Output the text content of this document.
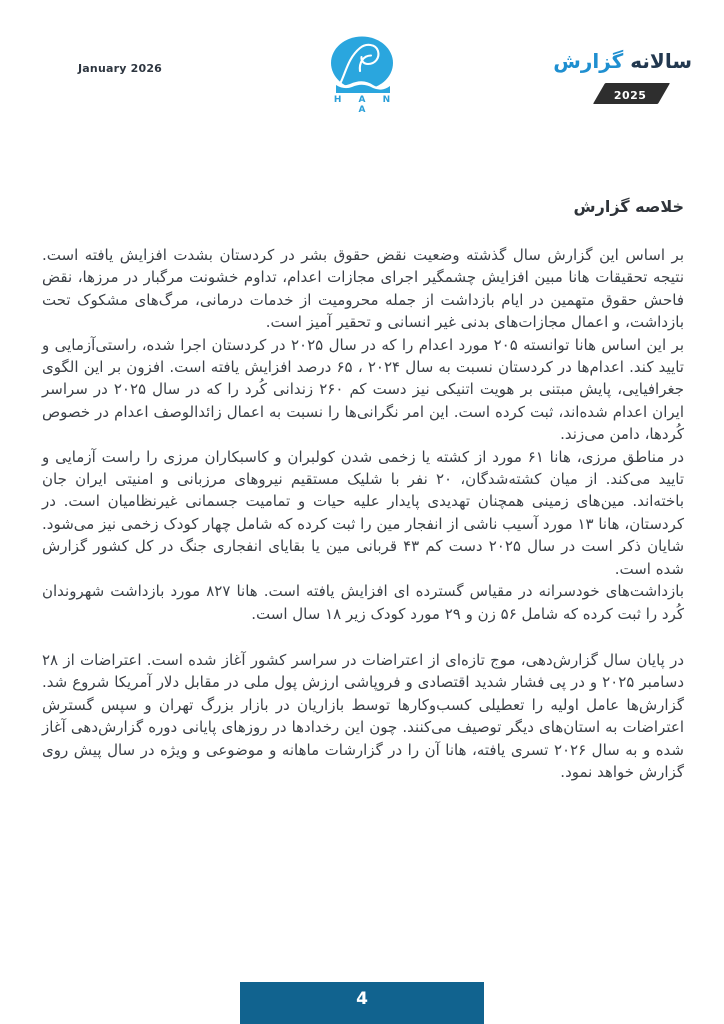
January 2026
H A N A
گزارش سالانه
2025
خلاصه گزارش

بر اساس این گزارش سال گذشته وضعیت نقض حقوق بشر در کردستان بشدت افزایش یافته است. نتیجه تحقیقات هانا مبین افزایش چشمگیر اجرای مجازات اعدام، تداوم خشونت مرگبار در مرزها، نقض فاحش حقوق متهمین در ایام بازداشت از جمله محرومیت از خدمات درمانی، مرگ‌های مشکوک تحت بازداشت، و اعمال مجازات‌های بدنی غیر انسانی و تحقیر آمیز است.

بر این اساس هانا توانسته ۲۰۵ مورد اعدام را که در سال ۲۰۲۵ در کردستان اجرا شده، راستی‌آزمایی و تایید کند. اعدام‌ها در کردستان نسبت به سال ۲۰۲۴ ، ۶۵ درصد افزایش یافته است. افزون بر این الگوی جغرافیایی، پایش مبتنی بر هویت اتنیکی نیز دست کم ۲۶۰ زندانی کُرد را که در سال ۲۰۲۵ در سراسر ایران اعدام شده‌اند، ثبت کرده است. این امر نگرانی‌ها را نسبت به اعمال زائدالوصف اعدام در خصوص کُردها، دامن می‌زند.

در مناطق مرزی، هانا ۶۱ مورد از کشته یا زخمی شدن کولبران و کاسبکاران مرزی را راست آزمایی و تایید می‌کند. از میان کشته‌شدگان، ۲۰ نفر با شلیک مستقیم نیروهای مرزبانی و امنیتی ایران جان باخته‌اند. مین‌های زمینی همچنان تهدیدی پایدار علیه حیات و تمامیت جسمانی غیرنظامیان است. در کردستان، هانا ۱۳ مورد آسیب ناشی از انفجار مین را ثبت کرده که شامل چهار کودک زخمی نیز می‌شود. شایان ذکر است در سال ۲۰۲۵ دست کم ۴۳ قربانی مین یا بقایای انفجاری جنگ در کل کشور گزارش شده است.

بازداشت‌های خودسرانه در مقیاس گسترده ای افزایش یافته است. هانا ۸۲۷ مورد بازداشت شهروندان کُرد را ثبت کرده که شامل ۵۶ زن و ۲۹ مورد کودک زیر ۱۸ سال است.

در پایان سال گزارش‌دهی، موج تازه‌ای از اعتراضات در سراسر کشور آغاز شده است. اعتراضات از ۲۸ دسامبر ۲۰۲۵ و در پی فشار شدید اقتصادی و فروپاشی ارزش پول ملی در مقابل دلار آمریکا شروع شد. گزارش‌ها عامل اولیه را تعطیلی کسب‌وکارها توسط بازاریان در بازار بزرگ تهران و سپس گسترش اعتراضات به استان‌های دیگر توصیف می‌کنند. چون این رخدادها در روزهای پایانی دوره گزارش‌دهی آغاز شده و به سال ۲۰۲۶ تسری یافته، هانا آن را در گزارشات ماهانه و موضوعی و ویژه در سال پیش روی گزارش خواهد نمود.

4
